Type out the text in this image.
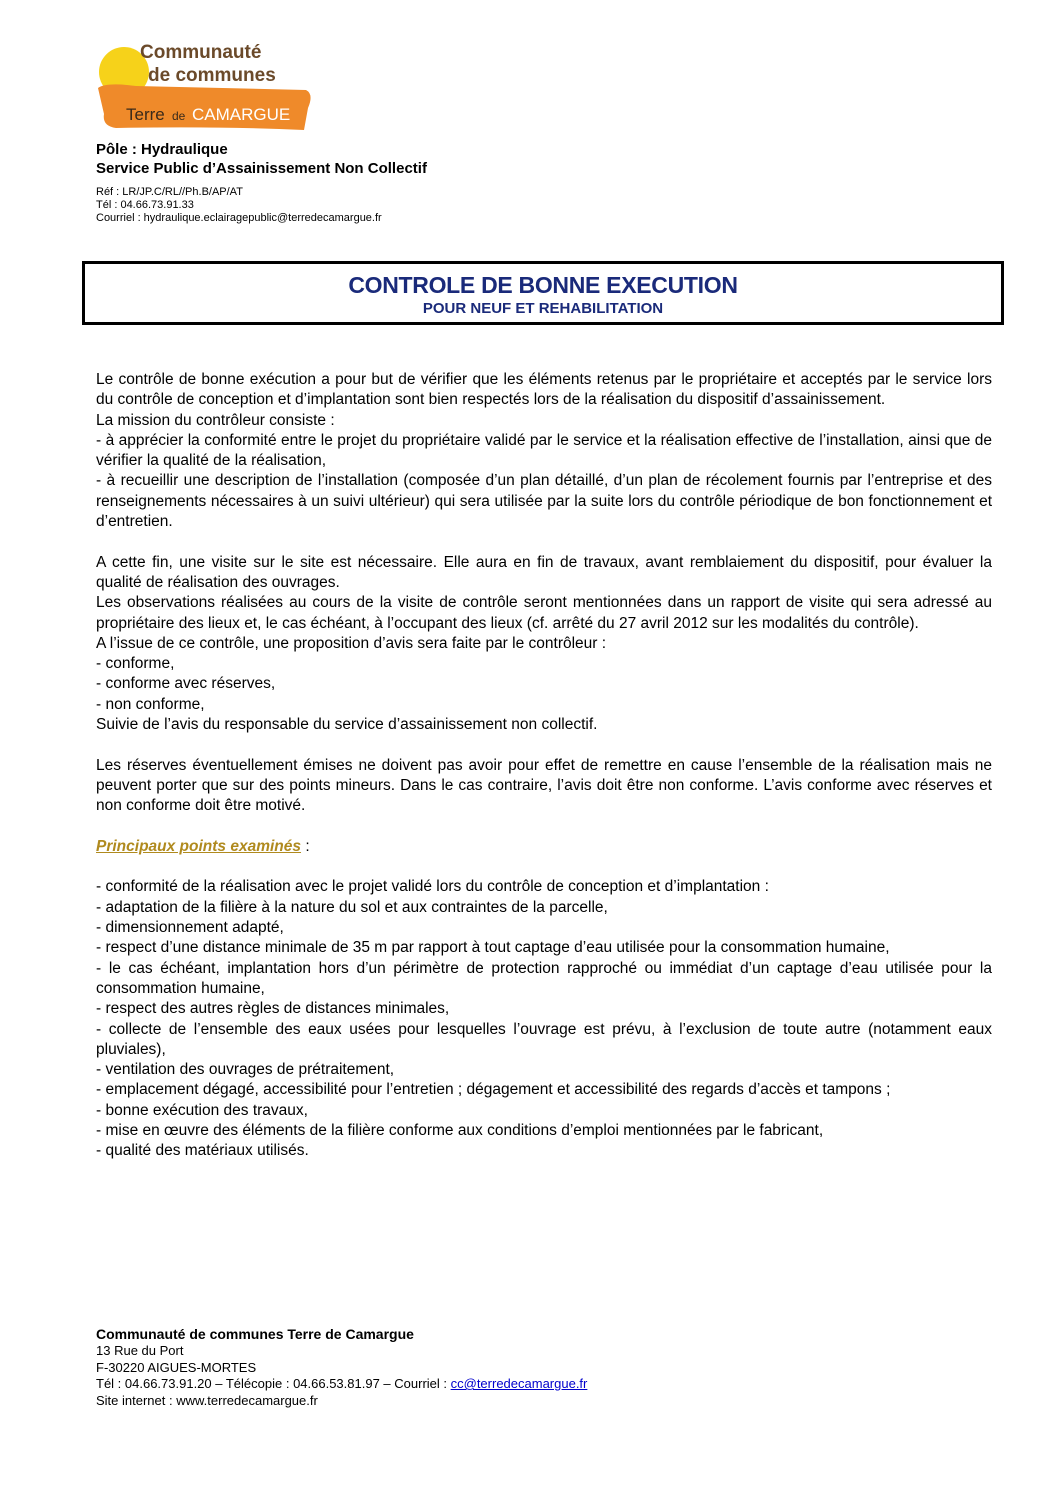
Communauté
de communes
Terre de CAMARGUE
Pôle : Hydraulique
Service Public d’Assainissement Non Collectif
Réf : LR/JP.C/RL//Ph.B/AP/AT
Tél : 04.66.73.91.33
Courriel : hydraulique.eclairagepublic@terredecamargue.fr
CONTROLE DE BONNE EXECUTION
POUR NEUF ET REHABILITATION

Le contrôle de bonne exécution a pour but de vérifier que les éléments retenus par le propriétaire et acceptés par le service lors du contrôle de conception et d’implantation sont bien respectés lors de la réalisation du dispositif d’assainissement.

La mission du contrôleur consiste :

- à apprécier la conformité entre le projet du propriétaire validé par le service et la réalisation effective de l’installation, ainsi que de vérifier la qualité de la réalisation,

- à recueillir une description de l’installation (composée d’un plan détaillé, d’un plan de récolement fournis par l’entreprise et des renseignements nécessaires à un suivi ultérieur) qui sera utilisée par la suite lors du contrôle périodique de bon fonctionnement et d’entretien.

A cette fin, une visite sur le site est nécessaire. Elle aura en fin de travaux, avant remblaiement du dispositif, pour évaluer la qualité de réalisation des ouvrages.

Les observations réalisées au cours de la visite de contrôle seront mentionnées dans un rapport de visite qui sera adressé au propriétaire des lieux et, le cas échéant, à l’occupant des lieux (cf. arrêté du 27 avril 2012 sur les modalités du contrôle).

A l’issue de ce contrôle, une proposition d’avis sera faite par le contrôleur :

- conforme,

- conforme avec réserves,

- non conforme,

Suivie de l’avis du responsable du service d’assainissement non collectif.

Les réserves éventuellement émises ne doivent pas avoir pour effet de remettre en cause l’ensemble de la réalisation mais ne peuvent porter que sur des points mineurs. Dans le cas contraire, l’avis doit être non conforme. L’avis conforme avec réserves et non conforme doit être motivé.

Principaux points examinés :

- conformité de la réalisation avec le projet validé lors du contrôle de conception et d’implantation :

- adaptation de la filière à la nature du sol et aux contraintes de la parcelle,

- dimensionnement adapté,

- respect d’une distance minimale de 35 m par rapport à tout captage d’eau utilisée pour la consommation humaine,

- le cas échéant, implantation hors d’un périmètre de protection rapproché ou immédiat d’un captage d’eau utilisée pour la consommation humaine,

- respect des autres règles de distances minimales,

- collecte de l’ensemble des eaux usées pour lesquelles l’ouvrage est prévu, à l’exclusion de toute autre (notamment eaux pluviales),

- ventilation des ouvrages de prétraitement,

- emplacement dégagé, accessibilité pour l’entretien ; dégagement et accessibilité des regards d’accès et tampons ;

- bonne exécution des travaux,

- mise en œuvre des éléments de la filière conforme aux conditions d’emploi mentionnées par le fabricant,

- qualité des matériaux utilisés.

Communauté de communes Terre de Camargue
13 Rue du Port
F-30220 AIGUES-MORTES
Tél : 04.66.73.91.20 – Télécopie : 04.66.53.81.97 – Courriel : cc@terredecamargue.fr
Site internet : www.terredecamargue.fr
